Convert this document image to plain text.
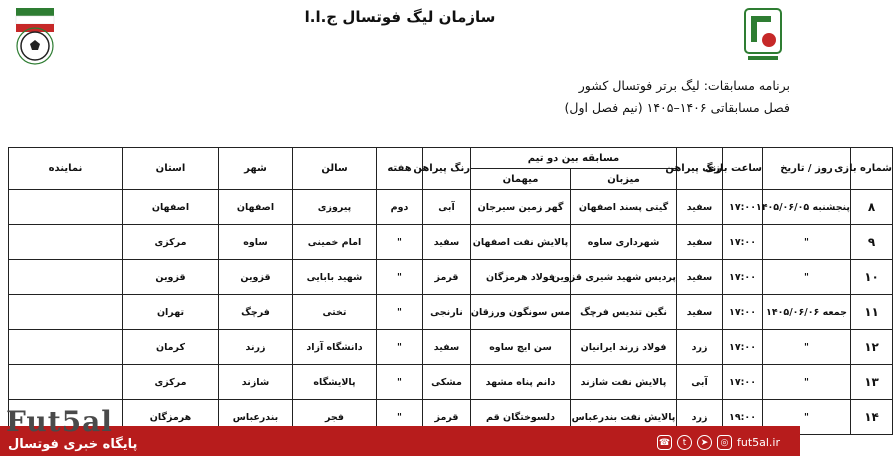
سازمان لیگ فوتسال ج.ا.ا
برنامه مسابقات: لیگ برتر فوتسال کشور
فصل مسابقاتی ۱۴۰۶–۱۴۰۵ (نیم فصل اول)
شماره بازی	روز / تاریخ	ساعت بازی	رنگ پیراهن	مسابقه بین دو تیم		رنگ پیراهن	هفته	سالن	شهر	استان	نماینده
				میزبان	میهمان						
۸	پنجشنبه ۱۴۰۵/۰۶/۰۵	۱۷:۰۰	سفید	گیتی پسند اصفهان	گهر زمین سیرجان	آبی	دوم	پیروزی	اصفهان	اصفهان	
۹	"	۱۷:۰۰	سفید	شهرداری ساوه	پالایش نفت اصفهان	سفید	"	امام خمینی	ساوه	مرکزی	
۱۰	"	۱۷:۰۰	سفید	پردیس شهید شیری قزوین	فولاد هرمزگان	قرمز	"	شهید بابایی	قزوین	قزوین	
۱۱	جمعه ۱۴۰۵/۰۶/۰۶	۱۷:۰۰	سفید	نگین تندیس فرچگ	مس سونگون ورزقان	نارنجی	"	تختی	فرچگ	تهران	
۱۲	"	۱۷:۰۰	زرد	فولاد زرند ایرانیان	سن ایچ ساوه	سفید	"	دانشگاه آزاد	زرند	کرمان	
۱۳	"	۱۷:۰۰	آبی	پالایش نفت شازند	دانم پناه مشهد	مشکی	"	پالایشگاه	شازند	مرکزی	
۱۴	"	۱۹:۰۰	زرد	پالایش نفت بندرعباس	دلسوختگان قم	قرمز	"	فجر	بندرعباس	هرمزگان	
Fut5al
پایگاه خبری فوتسال	☎	t	➤	◎ fut5al.ir
